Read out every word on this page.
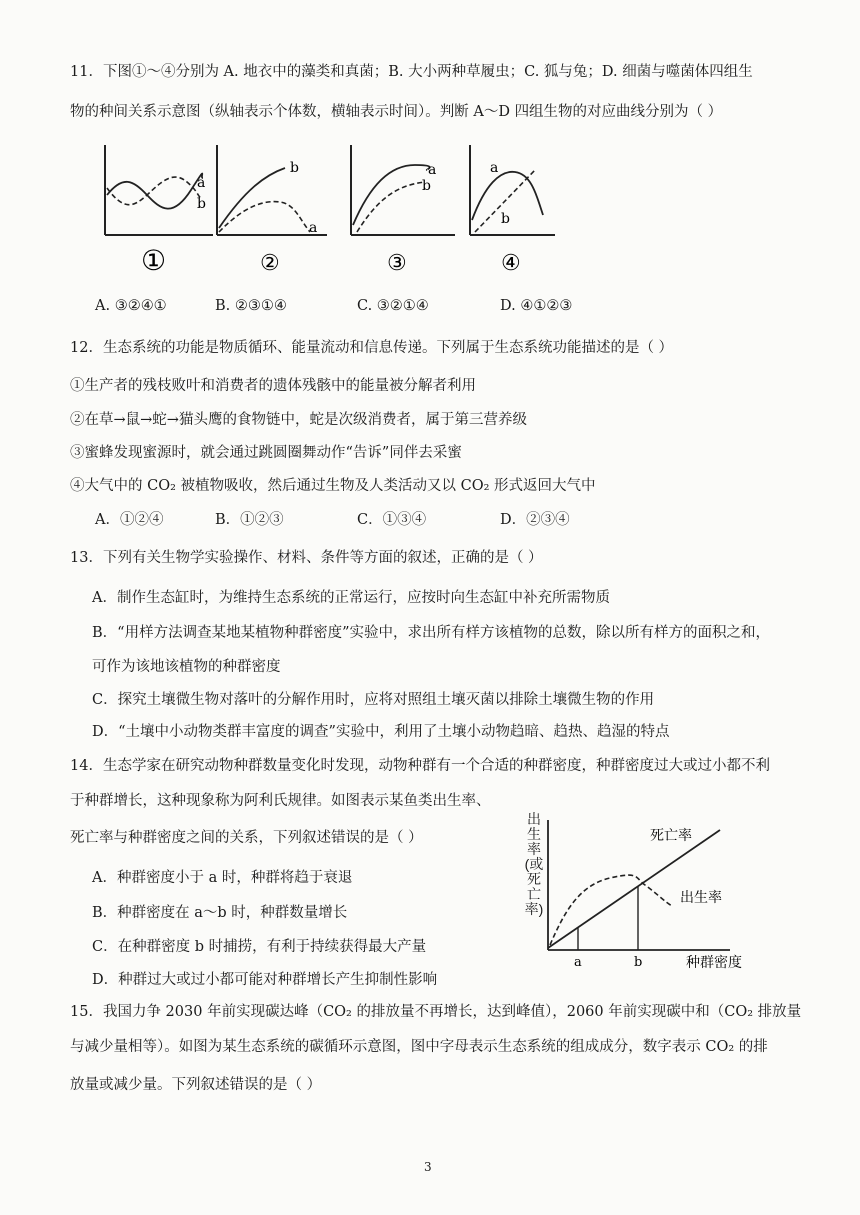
11．下图①～④分别为 A. 地衣中的藻类和真菌；B. 大小两种草履虫；C. 狐与兔；D. 细菌与噬菌体四组生
物的种间关系示意图（纵轴表示个体数，横轴表示时间）。判断 A～D 四组生物的对应曲线分别为（ ）
a
b
b
a
a
b
a
b
①	②	③	④
A. ③②④①	B. ②③①④	C. ③②①④	D. ④①②③
12．生态系统的功能是物质循环、能量流动和信息传递。下列属于生态系统功能描述的是（ ）
①生产者的残枝败叶和消费者的遗体残骸中的能量被分解者利用
②在草→鼠→蛇→猫头鹰的食物链中，蛇是次级消费者，属于第三营养级
③蜜蜂发现蜜源时，就会通过跳圆圈舞动作“告诉”同伴去采蜜
④大气中的 CO₂ 被植物吸收，然后通过生物及人类活动又以 CO₂ 形式返回大气中
A．①②④	B．①②③	C．①③④	D．②③④
13．下列有关生物学实验操作、材料、条件等方面的叙述，正确的是（ ）
A．制作生态缸时，为维持生态系统的正常运行，应按时向生态缸中补充所需物质
B．“用样方法调查某地某植物种群密度”实验中，求出所有样方该植物的总数，除以所有样方的面积之和，
可作为该地该植物的种群密度
C．探究土壤微生物对落叶的分解作用时，应将对照组土壤灭菌以排除土壤微生物的作用
D．“土壤中小动物类群丰富度的调查”实验中，利用了土壤小动物趋暗、趋热、趋湿的特点
14．生态学家在研究动物种群数量变化时发现，动物种群有一个合适的种群密度，种群密度过大或过小都不利
于种群增长，这种现象称为阿利氏规律。如图表示某鱼类出生率、
死亡率与种群密度之间的关系，下列叙述错误的是（ ）
A．种群密度小于 a 时，种群将趋于衰退
B．种群密度在 a～b 时，种群数量增长
C．在种群密度 b 时捕捞，有利于持续获得最大产量
D．种群过大或过小都可能对种群增长产生抑制性影响
a	b	种群密度
死亡率
出生率
出生率(或死亡率)
15．我国力争 2030 年前实现碳达峰（CO₂ 的排放量不再增长，达到峰值），2060 年前实现碳中和（CO₂ 排放量
与减少量相等）。如图为某生态系统的碳循环示意图，图中字母表示生态系统的组成成分，数字表示 CO₂ 的排
放量或减少量。下列叙述错误的是（ ）
3
